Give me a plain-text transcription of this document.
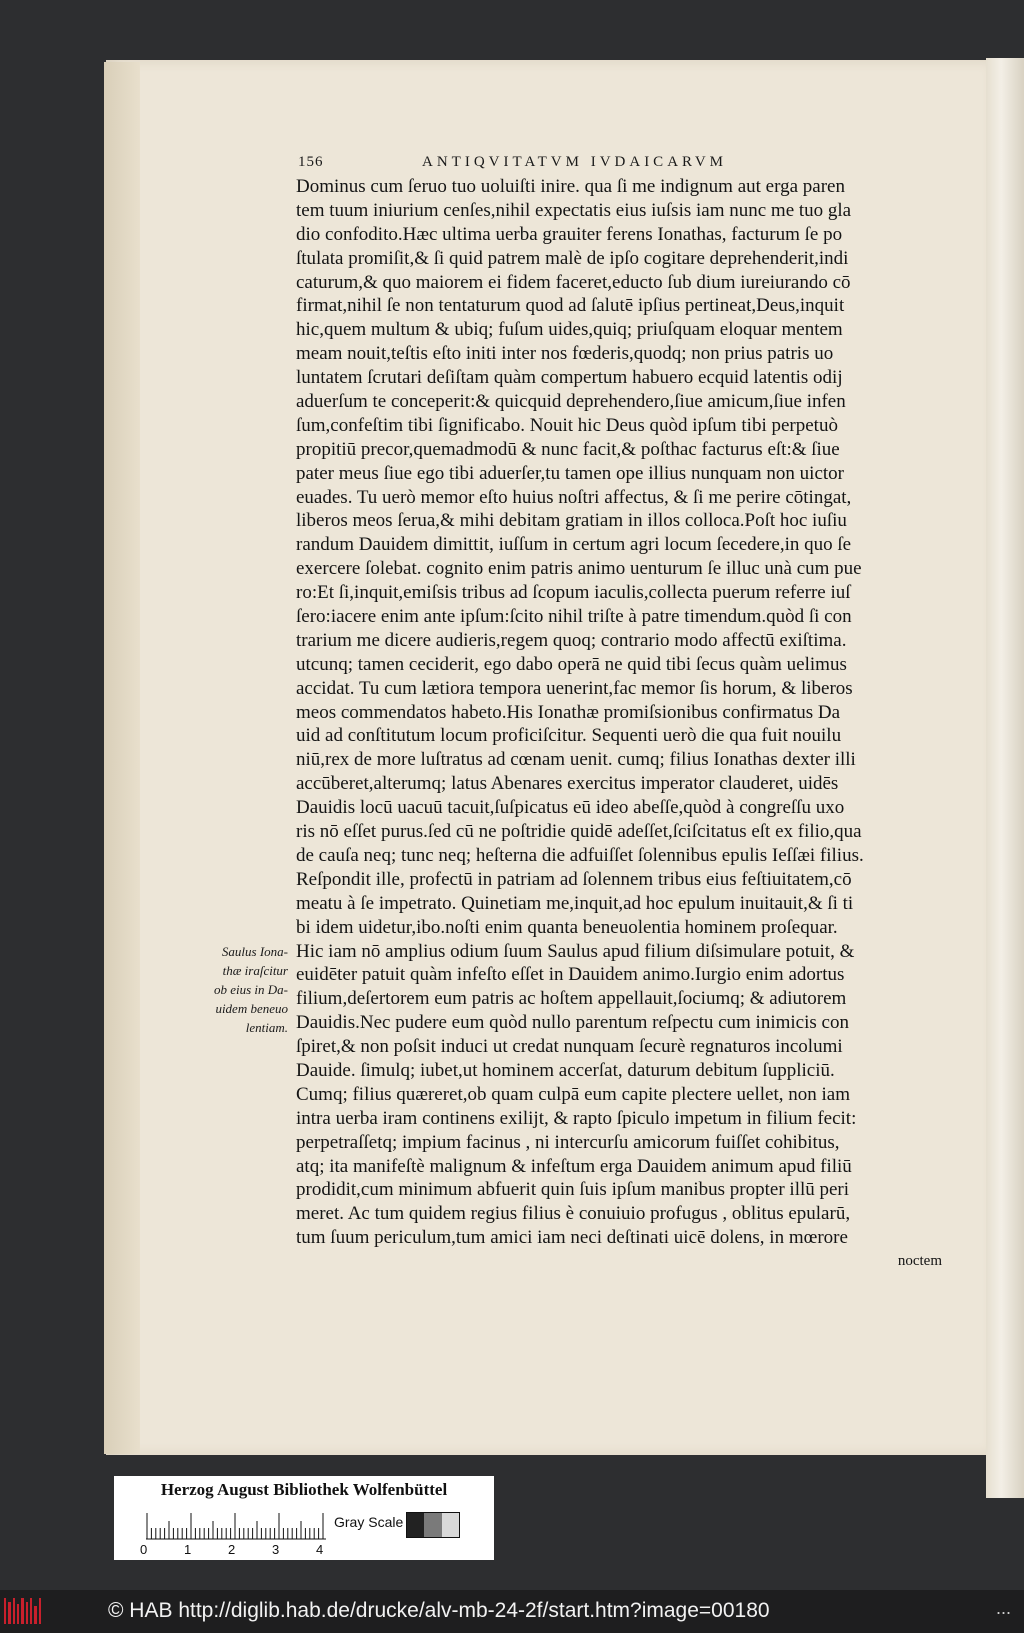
156	ANTIQVITATVM IVDAICARVM
Dominus cum ſeruo tuo uoluiſti inire. qua ſi me indignum aut erga paren
tem tuum iniurium cenſes,nihil expectatis eius iuſsis iam nunc me tuo gla
dio confodito.Hæc ultima uerba grauiter ferens Ionathas, facturum ſe po
ſtulata promiſit,& ſi quid patrem malè de ipſo cogitare deprehenderit,indi
caturum,& quo maiorem ei fidem faceret,educto ſub dium iureiurando cō
firmat,nihil ſe non tentaturum quod ad ſalutē ipſius pertineat,Deus,inquit
hic,quem multum & ubiq; fuſum uides,quiq; priuſquam eloquar mentem
meam nouit,teſtis eſto initi inter nos fœderis,quodq; non prius patris uo
luntatem ſcrutari deſiſtam quàm compertum habuero ecquid latentis odij
aduerſum te conceperit:& quicquid deprehendero,ſiue amicum,ſiue infen
ſum,confeſtim tibi ſignificabo. Nouit hic Deus quòd ipſum tibi perpetuò
propitiū precor,quemadmodū & nunc facit,& poſthac facturus eſt:& ſiue
pater meus ſiue ego tibi aduerſer,tu tamen ope illius nunquam non uictor
euades. Tu uerò memor eſto huius noſtri affectus, & ſi me perire cōtingat,
liberos meos ſerua,& mihi debitam gratiam in illos colloca.Poſt hoc iuſiu
randum Dauidem dimittit, iuſſum in certum agri locum ſecedere,in quo ſe
exercere ſolebat. cognito enim patris animo uenturum ſe illuc unà cum pue
ro:Et ſi,inquit,emiſsis tribus ad ſcopum iaculis,collecta puerum referre iuſ
ſero:iacere enim ante ipſum:ſcito nihil triſte à patre timendum.quòd ſi con
trarium me dicere audieris,regem quoq; contrario modo affectū exiſtima.
utcunq; tamen ceciderit, ego dabo operā ne quid tibi ſecus quàm uelimus
accidat. Tu cum lætiora tempora uenerint,fac memor ſis horum, & liberos
meos commendatos habeto.His Ionathæ promiſsionibus confirmatus Da
uid ad conſtitutum locum proficiſcitur. Sequenti uerò die qua fuit nouilu
niū,rex de more luſtratus ad cœnam uenit. cumq; filius Ionathas dexter illi
accūberet,alterumq; latus Abenares exercitus imperator clauderet, uidēs
Dauidis locū uacuū tacuit,ſuſpicatus eū ideo abeſſe,quòd à congreſſu uxo
ris nō eſſet purus.ſed cū ne poſtridie quidē adeſſet,ſciſcitatus eſt ex filio,qua
de cauſa neq; tunc neq; heſterna die adfuiſſet ſolennibus epulis Ieſſæi filius.
Reſpondit ille, profectū in patriam ad ſolennem tribus eius feſtiuitatem,cō
meatu à ſe impetrato. Quinetiam me,inquit,ad hoc epulum inuitauit,& ſi ti
bi idem uidetur,ibo.noſti enim quanta beneuolentia hominem proſequar.
Hic iam nō amplius odium ſuum Saulus apud filium diſsimulare potuit, &
euidēter patuit quàm infeſto eſſet in Dauidem animo.Iurgio enim adortus
filium,deſertorem eum patris ac hoſtem appellauit,ſociumq; & adiutorem
Dauidis.Nec pudere eum quòd nullo parentum reſpectu cum inimicis con
ſpiret,& non poſsit induci ut credat nunquam ſecurè regnaturos incolumi
Dauide. ſimulq; iubet,ut hominem accerſat, daturum debitum ſuppliciū.
Cumq; filius quæreret,ob quam culpā eum capite plectere uellet, non iam
intra uerba iram continens exilijt, & rapto ſpiculo impetum in filium fecit:
perpetraſſetq; impium facinus , ni intercurſu amicorum fuiſſet cohibitus,
atq; ita manifeſtè malignum & infeſtum erga Dauidem animum apud filiū
prodidit,cum minimum abfuerit quin ſuis ipſum manibus propter illū peri
meret. Ac tum quidem regius filius è conuiuio profugus , oblitus epularū,
tum ſuum periculum,tum amici iam neci deſtinati uicē dolens, in mœrore
noctem
Saulus Iona-
thæ iraſcitur
ob eius in Da-
uidem beneuo
lentiam.
Herzog August Bibliothek Wolfenbüttel
0	1	2	3	4
Gray Scale
© HAB http://diglib.hab.de/drucke/alv-mb-24-2f/start.htm?image=00180	...
